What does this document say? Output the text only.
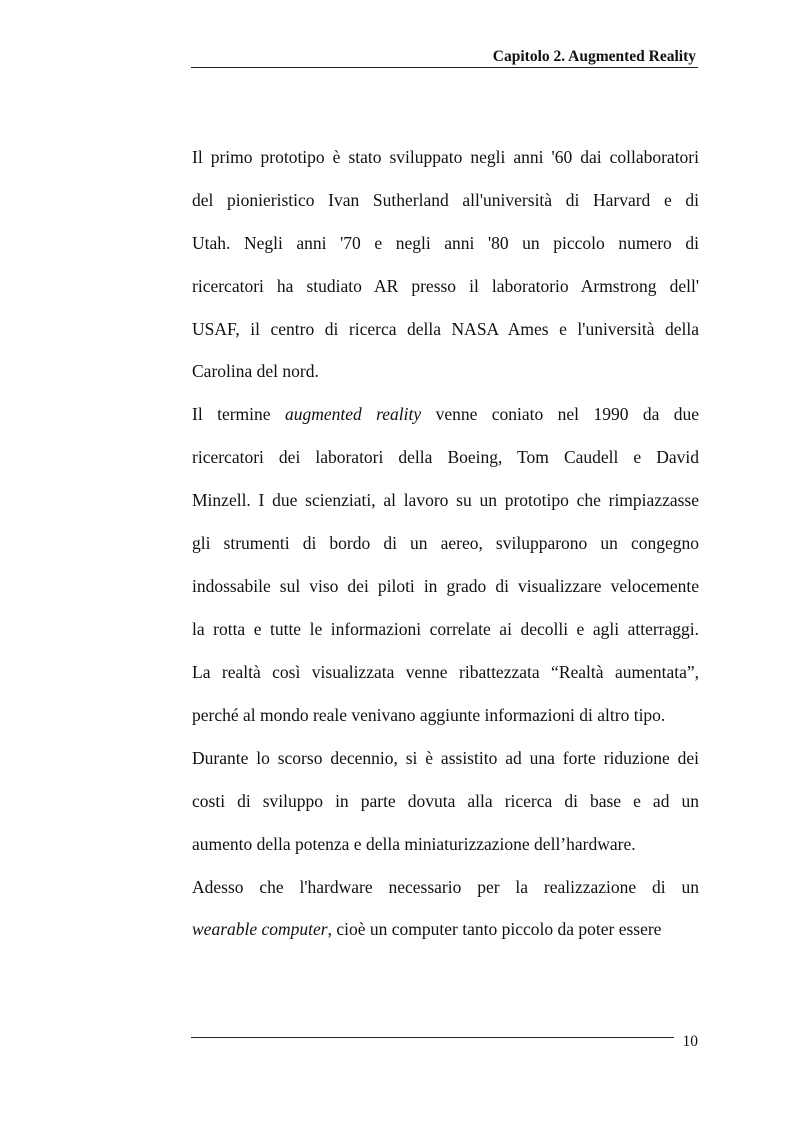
Capitolo 2. Augmented Reality
Il primo prototipo è stato sviluppato negli anni '60 dai collaboratori
del pionieristico Ivan Sutherland all'università di Harvard e di
Utah. Negli anni '70 e negli anni '80 un piccolo numero di
ricercatori ha studiato AR presso il laboratorio Armstrong dell'
USAF, il centro di ricerca della NASA Ames e l'università della
Carolina del nord.
Il termine augmented reality venne coniato nel 1990 da due
ricercatori dei laboratori della Boeing, Tom Caudell e David
Minzell. I due scienziati, al lavoro su un prototipo che rimpiazzasse
gli strumenti di bordo di un aereo, svilupparono un congegno
indossabile sul viso dei piloti in grado di visualizzare velocemente
la rotta e tutte le informazioni correlate ai decolli e agli atterraggi.
La realtà così visualizzata venne ribattezzata “Realtà aumentata”,
perché al mondo reale venivano aggiunte informazioni di altro tipo.
Durante lo scorso decennio, si è assistito ad una forte riduzione dei
costi di sviluppo in parte dovuta alla ricerca di base e ad un
aumento della potenza e della miniaturizzazione dell’hardware.
Adesso che l'hardware necessario per la realizzazione di un
wearable computer, cioè un computer tanto piccolo da poter essere
10
